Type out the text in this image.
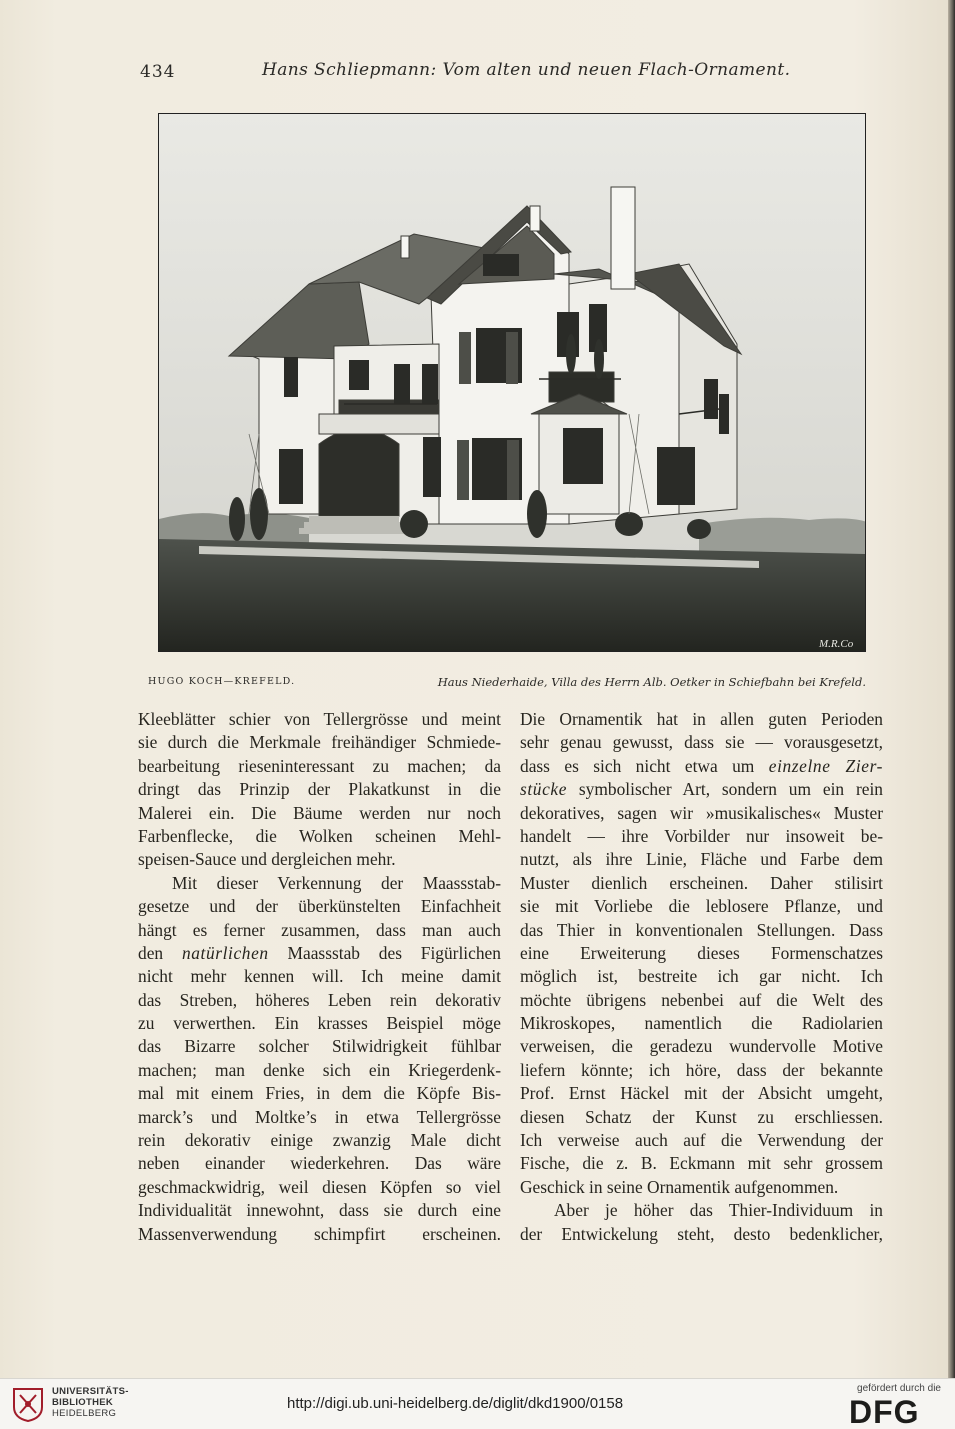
434	Hans Schliepmann: Vom alten und neuen Flach-Ornament.
M.R.Co
HUGO KOCH—KREFELD.	Haus Niederhaide, Villa des Herrn Alb. Oetker in Schiefbahn bei Krefeld.
Kleeblätter schier von Tellergrösse und meint
sie durch die Merkmale freihändiger Schmiede-
bearbeitung rieseninteressant zu machen; da
dringt das Prinzip der Plakatkunst in die
Malerei ein. Die Bäume werden nur noch
Farbenflecke, die Wolken scheinen Mehl-
speisen-Sauce und dergleichen mehr.
Mit dieser Verkennung der Maassstab-
gesetze und der überkünstelten Einfachheit
hängt es ferner zusammen, dass man auch
den natürlichen Maassstab des Figürlichen
nicht mehr kennen will. Ich meine damit
das Streben, höheres Leben rein dekorativ
zu verwerthen. Ein krasses Beispiel möge
das Bizarre solcher Stilwidrigkeit fühlbar
machen; man denke sich ein Kriegerdenk-
mal mit einem Fries, in dem die Köpfe Bis-
marck’s und Moltke’s in etwa Tellergrösse
rein dekorativ einige zwanzig Male dicht
neben einander wiederkehren. Das wäre
geschmackwidrig, weil diesen Köpfen so viel
Individualität innewohnt, dass sie durch eine
Massenverwendung schimpfirt erscheinen.
Die Ornamentik hat in allen guten Perioden
sehr genau gewusst, dass sie — vorausgesetzt,
dass es sich nicht etwa um einzelne Zier-
stücke symbolischer Art, sondern um ein rein
dekoratives, sagen wir »musikalisches« Muster
handelt — ihre Vorbilder nur insoweit be-
nutzt, als ihre Linie, Fläche und Farbe dem
Muster dienlich erscheinen. Daher stilisirt
sie mit Vorliebe die leblosere Pflanze, und
das Thier in konventionalen Stellungen. Dass
eine Erweiterung dieses Formenschatzes
möglich ist, bestreite ich gar nicht. Ich
möchte übrigens nebenbei auf die Welt des
Mikroskopes, namentlich die Radiolarien
verweisen, die geradezu wundervolle Motive
liefern könnte; ich höre, dass der bekannte
Prof. Ernst Häckel mit der Absicht umgeht,
diesen Schatz der Kunst zu erschliessen.
Ich verweise auch auf die Verwendung der
Fische, die z. B. Eckmann mit sehr grossem
Geschick in seine Ornamentik aufgenommen.
Aber je höher das Thier-Individuum in
der Entwickelung steht, desto bedenklicher,
UNIVERSITÄTS-
BIBLIOTHEK
HEIDELBERG
http://digi.ub.uni-heidelberg.de/diglit/dkd1900/0158
gefördert durch die
DFG
